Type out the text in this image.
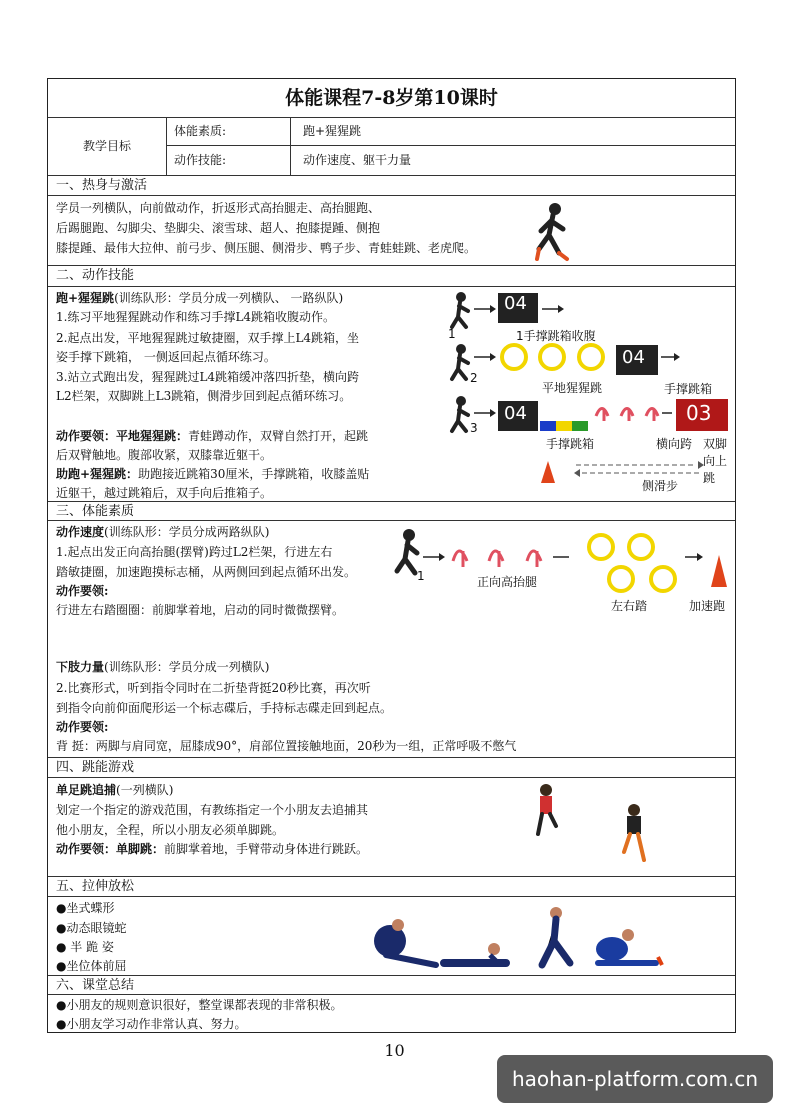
体能课程7-8岁第10课时
教学目标
体能素质:	跑+猩猩跳
动作技能:	动作速度、躯干力量
一、热身与激活
学员一列横队，向前做动作，折返形式高抬腿走、高抬腿跑、
后踢腿跑、勾脚尖、垫脚尖、滚雪球、超人、抱膝提踵、侧抱
膝提踵、最伟大拉伸、前弓步、侧压腿、侧滑步、鸭子步、青蛙蛙跳、老虎爬。
二、动作技能
跑+猩猩跳(训练队形：学员分成一列横队、 一路纵队)
1.练习平地猩猩跳动作和练习手撑L4跳箱收腹动作。
2.起点出发，平地猩猩跳过敏捷圈，双手撑上L4跳箱，坐
姿手撑下跳箱， 一侧返回起点循环练习。
3.站立式跑出发，猩猩跳过L4跳箱缓冲落四折垫，横向跨
L2栏架，双脚跳上L3跳箱，侧滑步回到起点循环练习。
动作要领：平地猩猩跳：青蛙蹲动作，双臂自然打开，起跳
后双臂触地。腹部收紧，双膝靠近躯干。
助跑+猩猩跳：助跑接近跳箱30厘米，手撑跳箱，收膝盖贴
近躯干，越过跳箱后，双手向后推箱子。
04
04
04	03
1
2
3
1手撑跳箱收腹
平地猩猩跳	手撑跳箱
手撑跳箱	横向跨 双脚向上跳
侧滑步
三、体能素质
动作速度(训练队形：学员分成两路纵队)
1.起点出发正向高抬腿(摆臂)跨过L2栏架，行进左右
踏敏捷圈，加速跑摸标志桶，从两侧回到起点循环出发。
动作要领:
行进左右踏圈圈：前脚掌着地，启动的同时微微摆臂。
下肢力量(训练队形：学员分成一列横队)
2.比赛形式，听到指令同时在二折垫背挺20秒比赛，再次听
到指令向前仰面爬形运一个标志碟后，手持标志碟走回到起点。
动作要领:
背 挺：两脚与肩同宽，屈膝成90°，肩部位置接触地面，20秒为一组，正常呼吸不憋气
1	正向高抬腿
左右踏	加速跑
四、跳能游戏
单足跳追捕(一列横队)
划定一个指定的游戏范围，有教练指定一个小朋友去追捕其
他小朋友，全程，所以小朋友必须单脚跳。
动作要领：单脚跳：前脚掌着地，手臂带动身体进行跳跃。
五、拉伸放松
●坐式蝶形
●动态眼镜蛇
● 半 跪 姿
●坐位体前屈
六、课堂总结
●小朋友的规则意识很好，整堂课都表现的非常积极。
●小朋友学习动作非常认真、努力。
10
haohan-platform.com.cn
